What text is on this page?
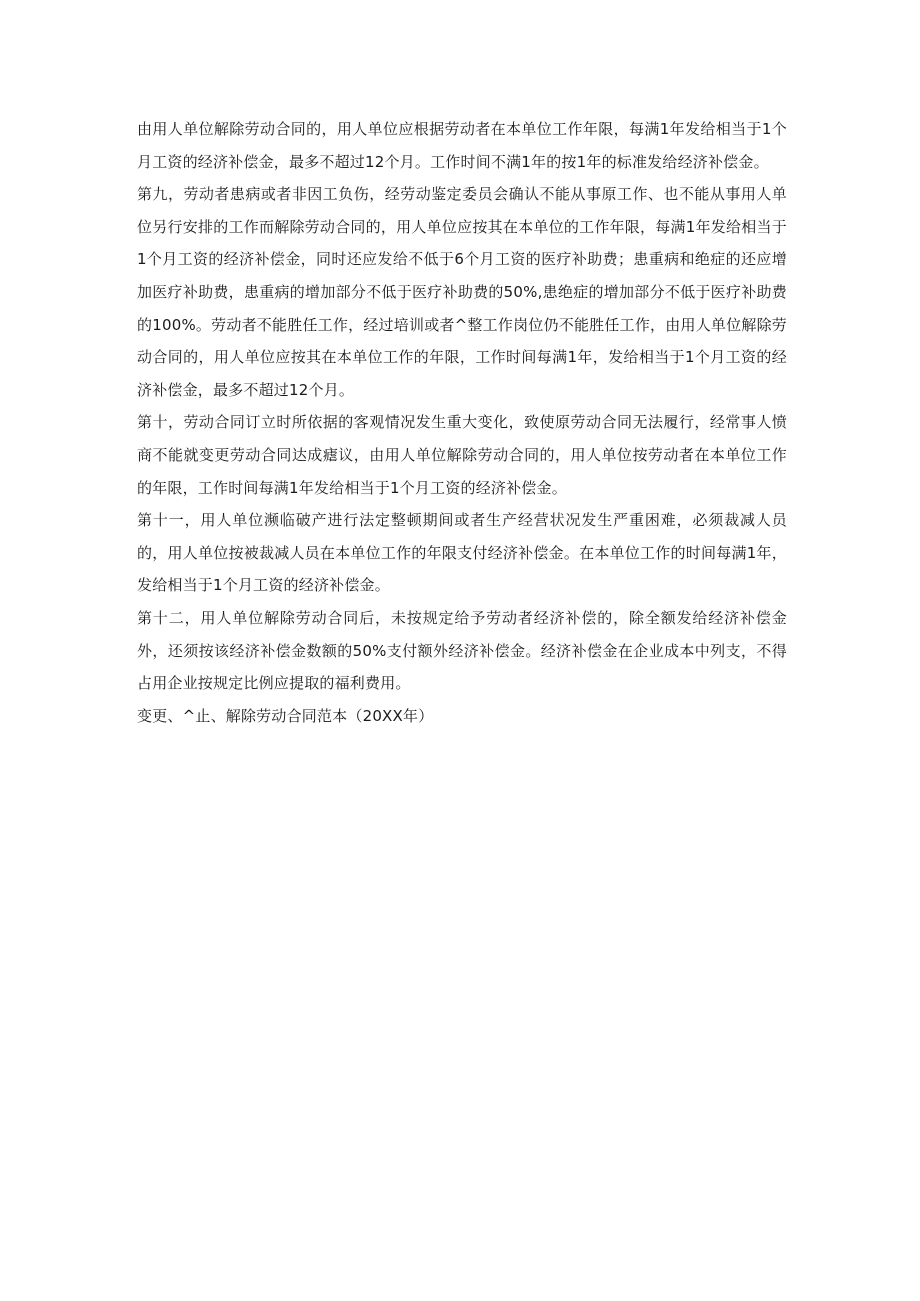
由用人单位解除劳动合同的，用人单位应根据劳动者在本单位工作年限，每满1年发给相当于1个月工资的经济补偿金，最多不超过12个月。工作时间不满1年的按1年的标准发给经济补偿金。

第九，劳动者患病或者非因工负伤，经劳动鉴定委员会确认不能从事原工作、也不能从事用人单位另行安排的工作而解除劳动合同的，用人单位应按其在本单位的工作年限，每满1年发给相当于1个月工资的经济补偿金，同时还应发给不低于6个月工资的医疗补助费；患重病和绝症的还应增加医疗补助费，患重病的增加部分不低于医疗补助费的50%,患绝症的增加部分不低于医疗补助费的100%。劳动者不能胜任工作，经过培训或者^整工作岗位仍不能胜任工作，由用人单位解除劳动合同的，用人单位应按其在本单位工作的年限，工作时间每满1年，发给相当于1个月工资的经济补偿金，最多不超过12个月。

第十，劳动合同订立时所依据的客观情况发生重大变化，致使原劳动合同无法履行，经常事人愤商不能就变更劳动合同达成瘧议，由用人单位解除劳动合同的，用人单位按劳动者在本单位工作的年限，工作时间每满1年发给相当于1个月工资的经济补偿金。

第十一，用人单位濒临破产进行法定整顿期间或者生产经营状况发生严重困难，必须裁减人员的，用人单位按被裁减人员在本单位工作的年限支付经济补偿金。在本单位工作的时间每满1年，发给相当于1个月工资的经济补偿金。

第十二，用人单位解除劳动合同后，未按规定给予劳动者经济补偿的，除全额发给经济补偿金外，还须按该经济补偿金数额的50%支付额外经济补偿金。经济补偿金在企业成本中列支，不得占用企业按规定比例应提取的福利费用。

变更、^止、解除劳动合同范本（20XX年）
